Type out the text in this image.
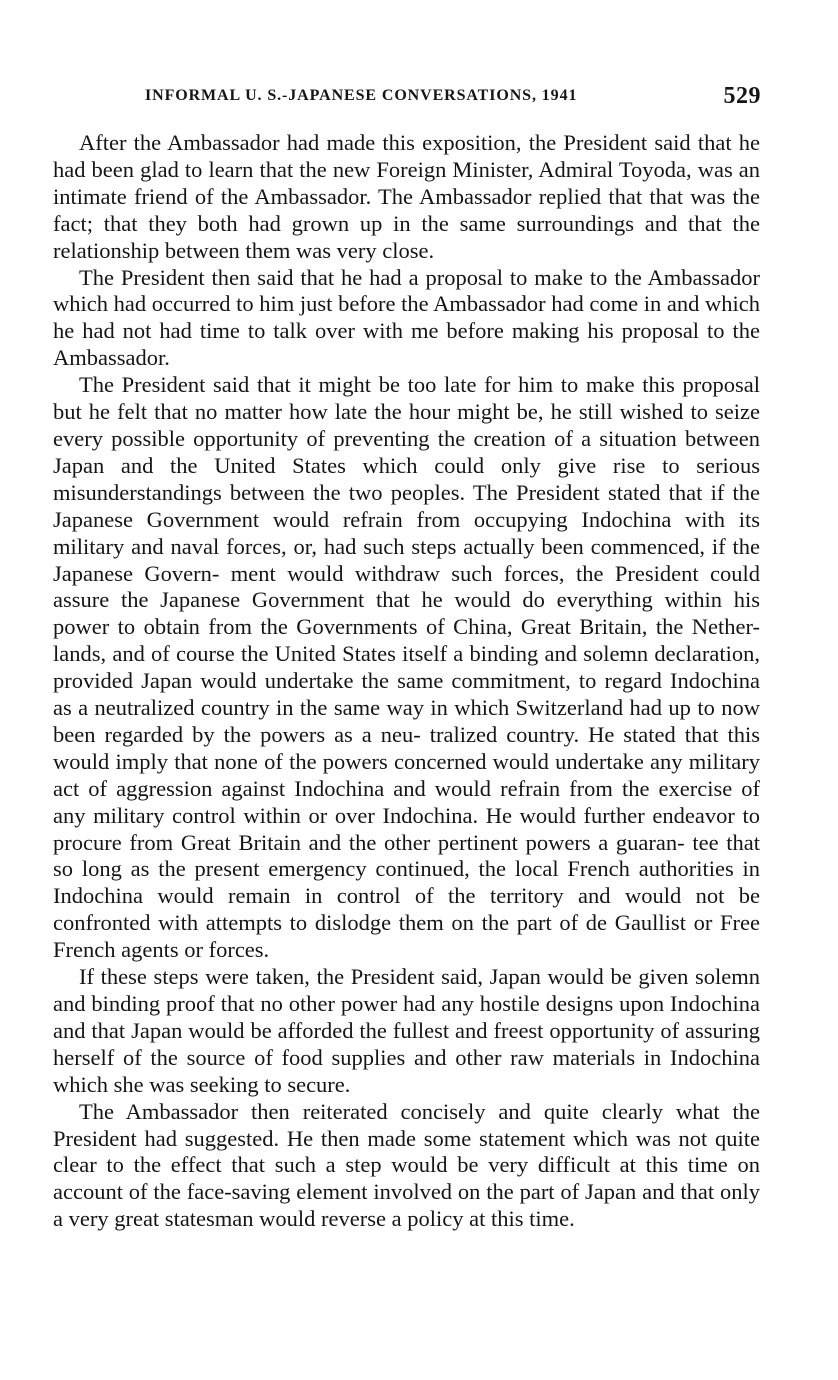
INFORMAL U. S.-JAPANESE CONVERSATIONS, 1941	529

After the Ambassador had made this exposition, the President said that he had been glad to learn that the new Foreign Minister, Admiral Toyoda, was an intimate friend of the Ambassador. The Ambassador replied that that was the fact; that they both had grown up in the same surroundings and that the relationship between them was very close.

The President then said that he had a proposal to make to the Ambassador which had occurred to him just before the Ambassador had come in and which he had not had time to talk over with me before making his proposal to the Ambassador.

The President said that it might be too late for him to make this proposal but he felt that no matter how late the hour might be, he still wished to seize every possible opportunity of preventing the creation of a situation between Japan and the United States which could only give rise to serious misunderstandings between the two peoples. The President stated that if the Japanese Government would refrain from occupying Indochina with its military and naval forces, or, had such steps actually been commenced, if the Japanese Govern- ment would withdraw such forces, the President could assure the Japanese Government that he would do everything within his power to obtain from the Governments of China, Great Britain, the Nether- lands, and of course the United States itself a binding and solemn declaration, provided Japan would undertake the same commitment, to regard Indochina as a neutralized country in the same way in which Switzerland had up to now been regarded by the powers as a neu- tralized country. He stated that this would imply that none of the powers concerned would undertake any military act of aggression against Indochina and would refrain from the exercise of any military control within or over Indochina. He would further endeavor to procure from Great Britain and the other pertinent powers a guaran- tee that so long as the present emergency continued, the local French authorities in Indochina would remain in control of the territory and would not be confronted with attempts to dislodge them on the part of de Gaullist or Free French agents or forces.

If these steps were taken, the President said, Japan would be given solemn and binding proof that no other power had any hostile designs upon Indochina and that Japan would be afforded the fullest and freest opportunity of assuring herself of the source of food supplies and other raw materials in Indochina which she was seeking to secure.

The Ambassador then reiterated concisely and quite clearly what the President had suggested. He then made some statement which was not quite clear to the effect that such a step would be very difficult at this time on account of the face-saving element involved on the part of Japan and that only a very great statesman would reverse a policy at this time.
